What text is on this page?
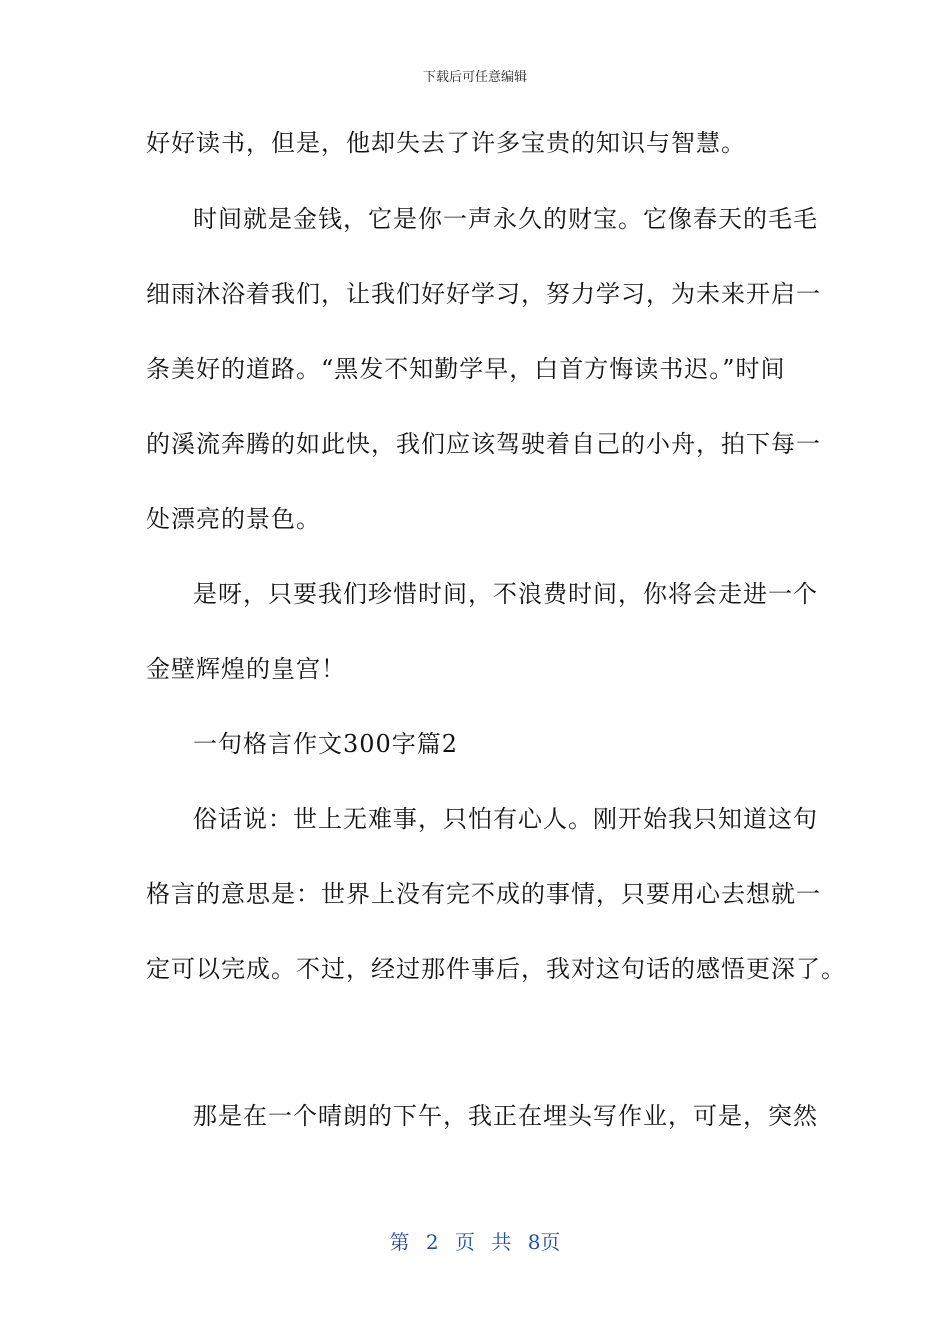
下载后可任意编辑
好好读书，但是，他却失去了许多宝贵的知识与智慧。
时间就是金钱，它是你一声永久的财宝。它像春天的毛毛
细雨沐浴着我们，让我们好好学习，努力学习，为未来开启一
条美好的道路。“黑发不知勤学早，白首方悔读书迟。”时间
的溪流奔腾的如此快，我们应该驾驶着自己的小舟，拍下每一
处漂亮的景色。
是呀，只要我们珍惜时间，不浪费时间，你将会走进一个
金壁辉煌的皇宫！
一句格言作文300字篇2
俗话说：世上无难事，只怕有心人。刚开始我只知道这句
格言的意思是：世界上没有完不成的事情，只要用心去想就一
定可以完成。不过，经过那件事后，我对这句话的感悟更深了。
那是在一个晴朗的下午，我正在埋头写作业，可是，突然
第 2 页 共 8页
